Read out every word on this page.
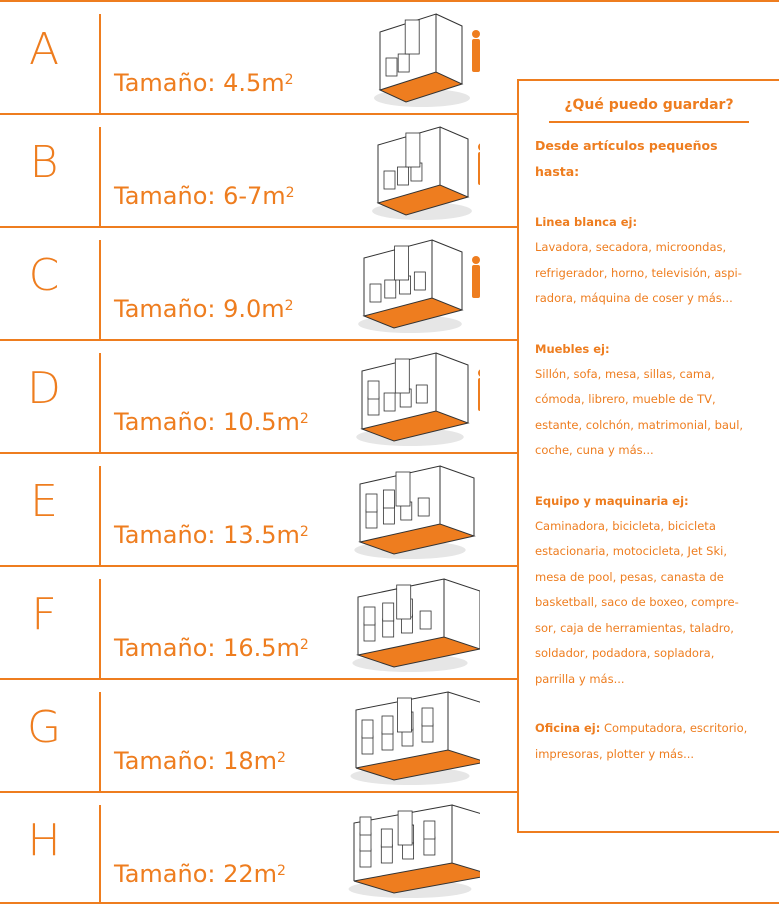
A
Tamaño: $4.5m^2$
B
Tamaño: $6-7m^2$
C
Tamaño: $9.0m^2$
D
Tamaño: $10.5m^2$
E
Tamaño: $13.5m^2$
F
Tamaño: $16.5m^2$
G
Tamaño: $18m^2$
H
Tamaño: $22m^2$
¿Qué puedo guardar?
Desde artículos pequeños
hasta:
Linea blanca ej:
Lavadora, secadora, microondas,
refrigerador, horno, televisión, aspi-
radora, máquina de coser y más...
Muebles ej:
Sillón, sofa, mesa, sillas, cama,
cómoda, librero, mueble de TV,
estante, colchón, matrimonial, baul,
coche, cuna y más...
Equipo y maquinaria ej:
Caminadora, bicicleta, bicicleta
estacionaria, motocicleta, Jet Ski,
mesa de pool, pesas, canasta de
basketball, saco de boxeo, compre-
sor, caja de herramientas, taladro,
soldador, podadora, sopladora,
parrilla y más...
Oficina ej: Computadora, escritorio,
impresoras, plotter y más...
